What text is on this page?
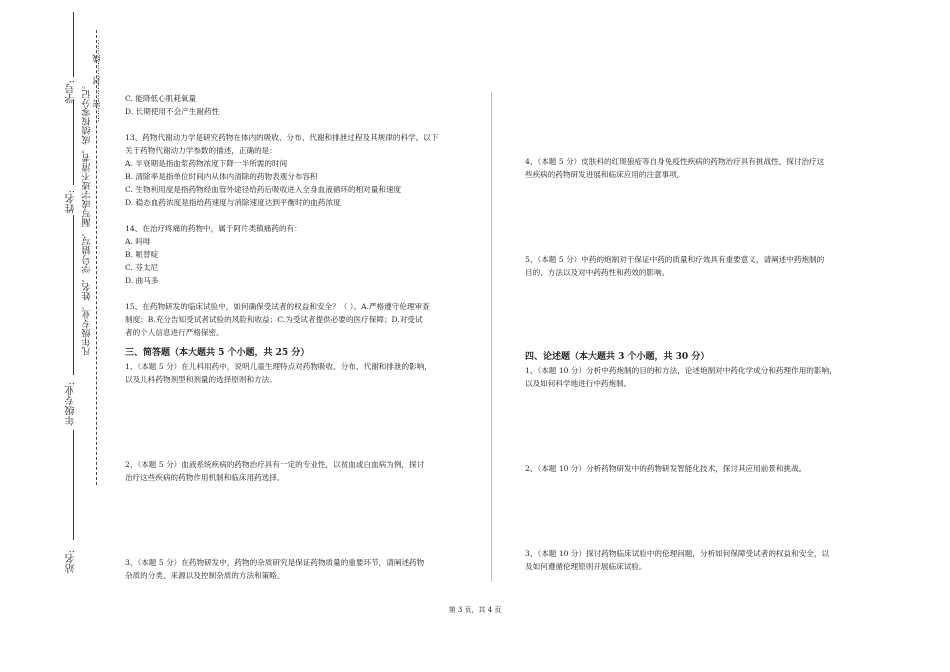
学号:
姓名:
年级专业:
站名:
凡年级专业、姓名、学号错写、漏写或字迹不清者，成绩按零分记。 ……密……封……线……	C. 能降低心肌耗氧量

D. 长期使用不会产生耐药性

13、药物代谢动力学是研究药物在体内的吸收、分布、代谢和排泄过程及其规律的科学。以下

关于药物代谢动力学参数的描述，正确的是：

A. 半衰期是指血浆药物浓度下降一半所需的时间

B. 清除率是指单位时间内从体内清除的药物表观分布容积

C. 生物利用度是指药物经血管外途径给药后吸收进入全身血液循环的相对量和速度

D. 稳态血药浓度是指给药速度与消除速度达到平衡时的血药浓度

14、在治疗疼痛的药物中，属于阿片类镇痛药的有：

A. 吗啡

B. 哌替啶

C. 芬太尼

D. 曲马多

15、在药物研发的临床试验中，如何确保受试者的权益和安全？（ ）。A.严格遵守伦理审查

制度；B.充分告知受试者试验的风险和收益；C.为受试者提供必要的医疗保障；D.对受试

者的个人信息进行严格保密。

三、简答题（本大题共 5 个小题，共 25 分）

1、（本题 5 分）在儿科用药中，说明儿童生理特点对药物吸收、分布、代谢和排泄的影响，

以及儿科药物剂型和剂量的选择原则和方法。

2、（本题 5 分）血液系统疾病的药物治疗具有一定的专业性，以贫血或白血病为例，探讨

治疗这些疾病的药物作用机制和临床用药选择。

3、（本题 5 分）在药物研发中，药物的杂质研究是保证药物质量的重要环节，请阐述药物

杂质的分类、来源以及控制杂质的方法和策略。

4、（本题 5 分）皮肤科的红斑狼疮等自身免疫性疾病的药物治疗具有挑战性，探讨治疗这

些疾病的药物研发进展和临床应用的注意事项。

5、（本题 5 分）中药的炮制对于保证中药的质量和疗效具有重要意义，请阐述中药炮制的

目的、方法以及对中药药性和药效的影响。

四、论述题（本大题共 3 个小题，共 30 分）

1、（本题 10 分）分析中药炮制的目的和方法，论述炮制对中药化学成分和药理作用的影响，

以及如何科学地进行中药炮制。

2、（本题 10 分）分析药物研发中的药物研发智能化技术，探讨其应用前景和挑战。

3、（本题 10 分）探讨药物临床试验中的伦理问题，分析如何保障受试者的权益和安全，以

及如何遵循伦理原则开展临床试验。

第 3 页，共 4 页
